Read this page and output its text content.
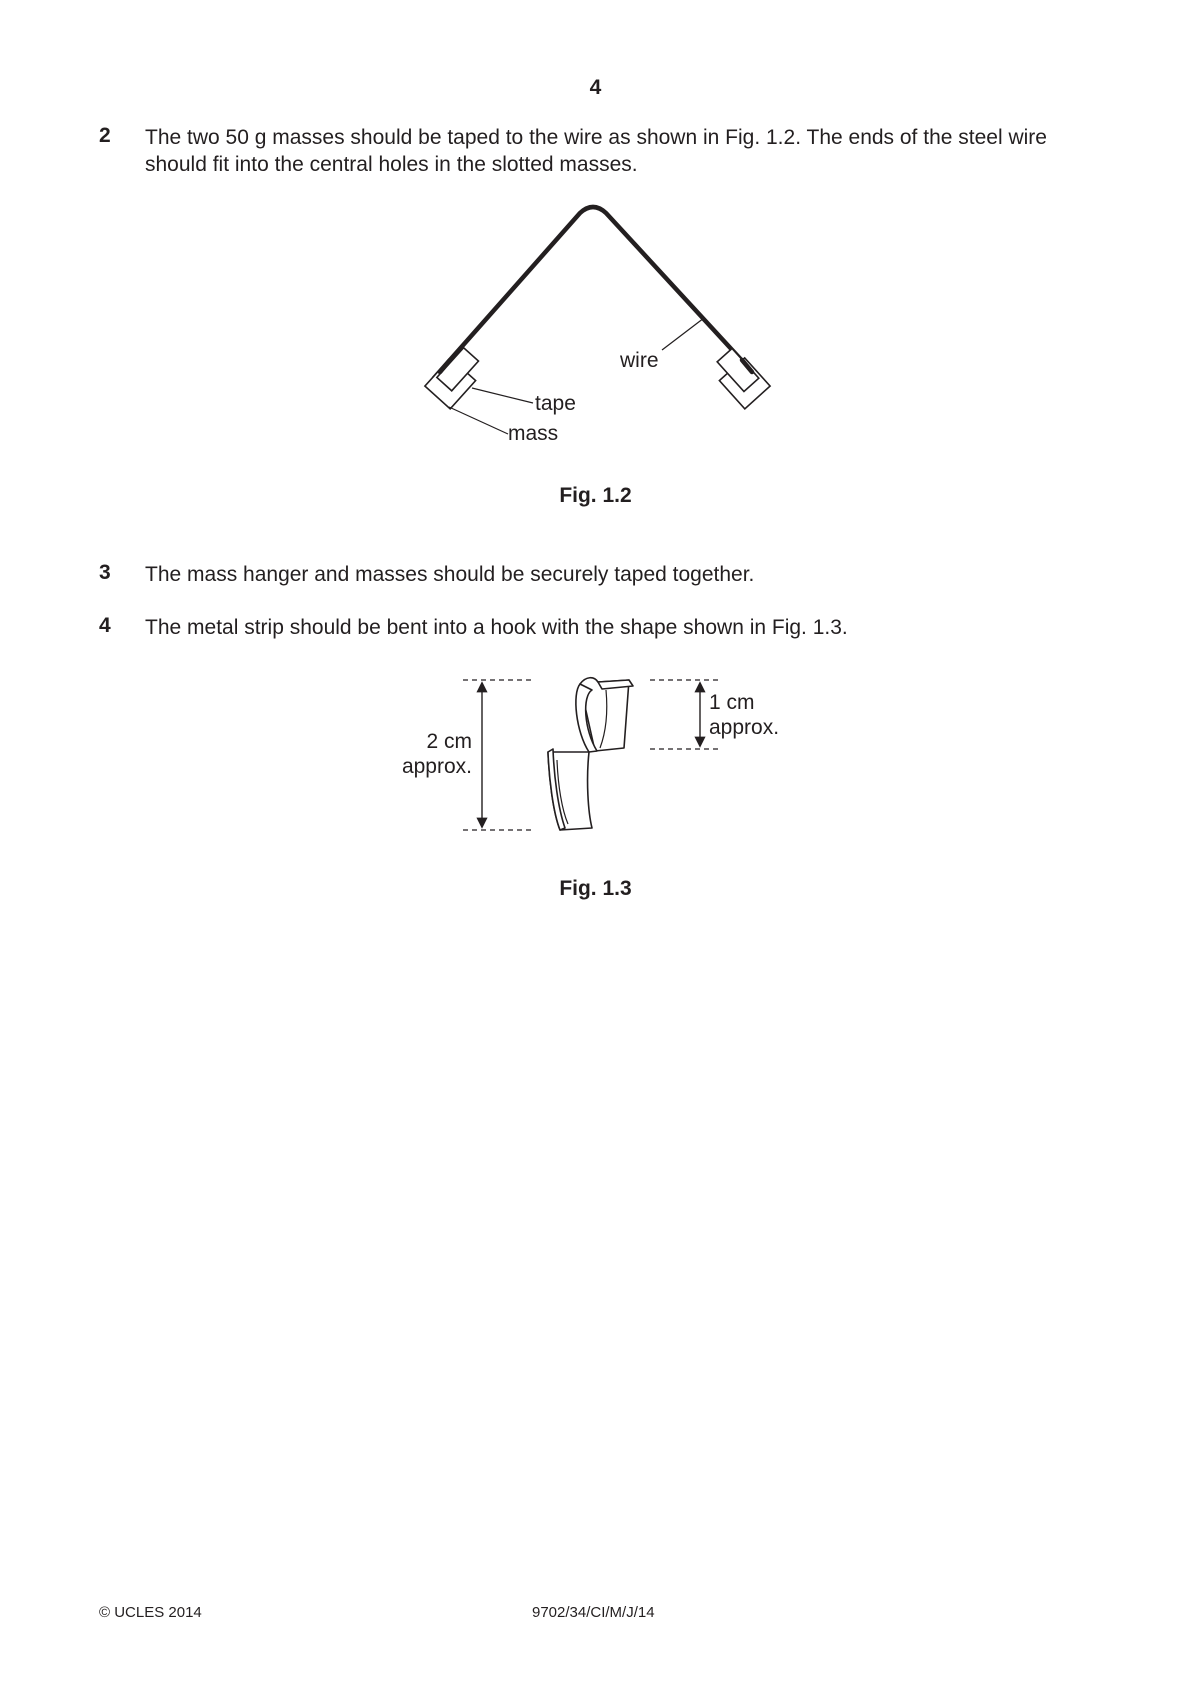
4
2 The two 50 g masses should be taped to the wire as shown in Fig. 1.2. The ends of the steel wire should fit into the central holes in the slotted masses.
wire
tape
mass
Fig. 1.2
3 The mass hanger and masses should be securely taped together.
4 The metal strip should be bent into a hook with the shape shown in Fig. 1.3.
2 cm
approx.
1 cm
approx.
Fig. 1.3
© UCLES 2014	9702/34/CI/M/J/14
